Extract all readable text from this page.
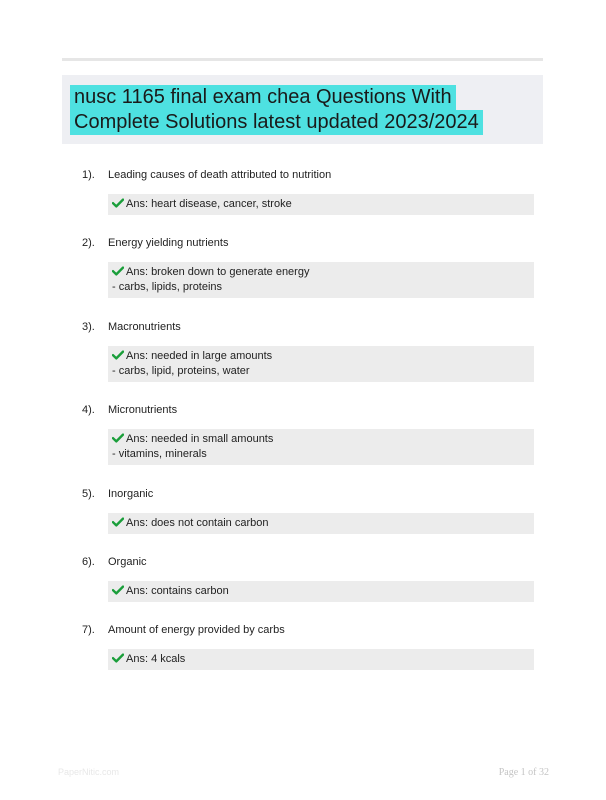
nusc 1165 final exam chea Questions With
Complete Solutions latest updated 2023/2024
1). Leading causes of death attributed to nutrition
Ans: heart disease, cancer, stroke
2). Energy yielding nutrients
Ans: broken down to generate energy
- carbs, lipids, proteins
3). Macronutrients
Ans: needed in large amounts
- carbs, lipid, proteins, water
4). Micronutrients
Ans: needed in small amounts
- vitamins, minerals
5). Inorganic
Ans: does not contain carbon
6). Organic
Ans: contains carbon
7). Amount of energy provided by carbs
Ans: 4 kcals
PaperNitic.com	Page 1 of 32
